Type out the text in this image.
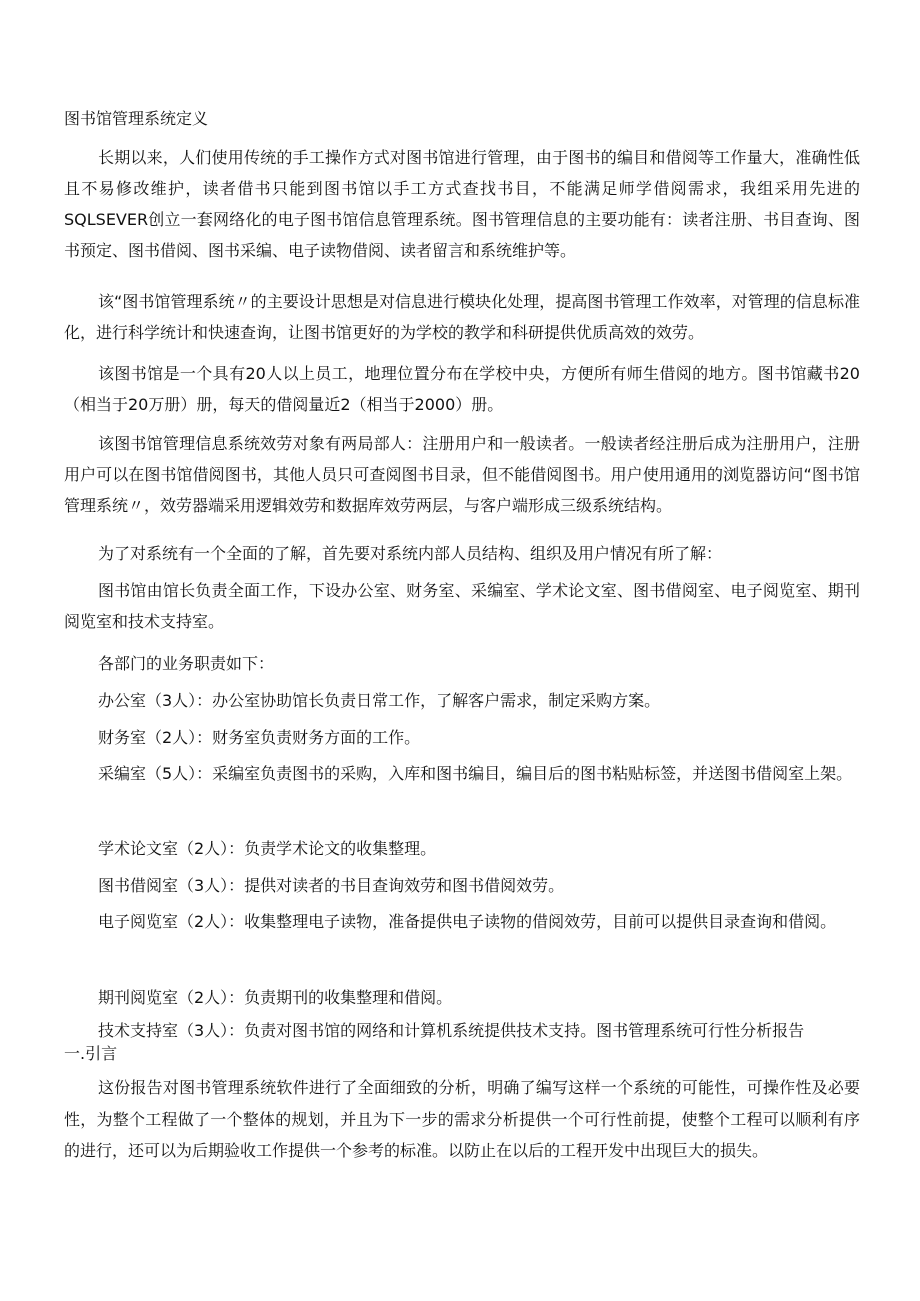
图书馆管理系统定义

长期以来，人们使用传统的手工操作方式对图书馆进行管理，由于图书的编目和借阅等工作量大，准确性低且不易修改维护，读者借书只能到图书馆以手工方式查找书目，不能满足师学借阅需求，我组采用先进的SQLSEVER创立一套网络化的电子图书馆信息管理系统。图书管理信息的主要功能有：读者注册、书目查询、图书预定、图书借阅、图书采编、电子读物借阅、读者留言和系统维护等。

该“图书馆管理系统〃的主要设计思想是对信息进行模块化处理，提高图书管理工作效率，对管理的信息标准化，进行科学统计和快速查询，让图书馆更好的为学校的教学和科研提供优质高效的效劳。

该图书馆是一个具有20人以上员工，地理位置分布在学校中央，方便所有师生借阅的地方。图书馆藏书20（相当于20万册）册，每天的借阅量近2（相当于2000）册。

该图书馆管理信息系统效劳对象有两局部人：注册用户和一般读者。一般读者经注册后成为注册用户，注册用户可以在图书馆借阅图书，其他人员只可查阅图书目录，但不能借阅图书。用户使用通用的浏览器访问“图书馆管理系统〃，效劳器端采用逻辑效劳和数据库效劳两层，与客户端形成三级系统结构。

为了对系统有一个全面的了解，首先要对系统内部人员结构、组织及用户情况有所了解：

图书馆由馆长负责全面工作，下设办公室、财务室、采编室、学术论文室、图书借阅室、电子阅览室、期刊阅览室和技术支持室。

各部门的业务职责如下：

办公室（3人）：办公室协助馆长负责日常工作，了解客户需求，制定采购方案。

财务室（2人）：财务室负责财务方面的工作。

采编室（5人）：采编室负责图书的采购，入库和图书编目，编目后的图书粘贴标签，并送图书借阅室上架。

学术论文室（2人）：负责学术论文的收集整理。

图书借阅室（3人）：提供对读者的书目查询效劳和图书借阅效劳。

电子阅览室（2人）：收集整理电子读物，准备提供电子读物的借阅效劳，目前可以提供目录查询和借阅。

期刊阅览室（2人）：负责期刊的收集整理和借阅。

技术支持室（3人）：负责对图书馆的网络和计算机系统提供技术支持。图书管理系统可行性分析报告

一.引言

这份报告对图书管理系统软件进行了全面细致的分析，明确了编写这样一个系统的可能性，可操作性及必要性，为整个工程做了一个整体的规划，并且为下一步的需求分析提供一个可行性前提，使整个工程可以顺利有序的进行，还可以为后期验收工作提供一个参考的标准。以防止在以后的工程开发中出现巨大的损失。
